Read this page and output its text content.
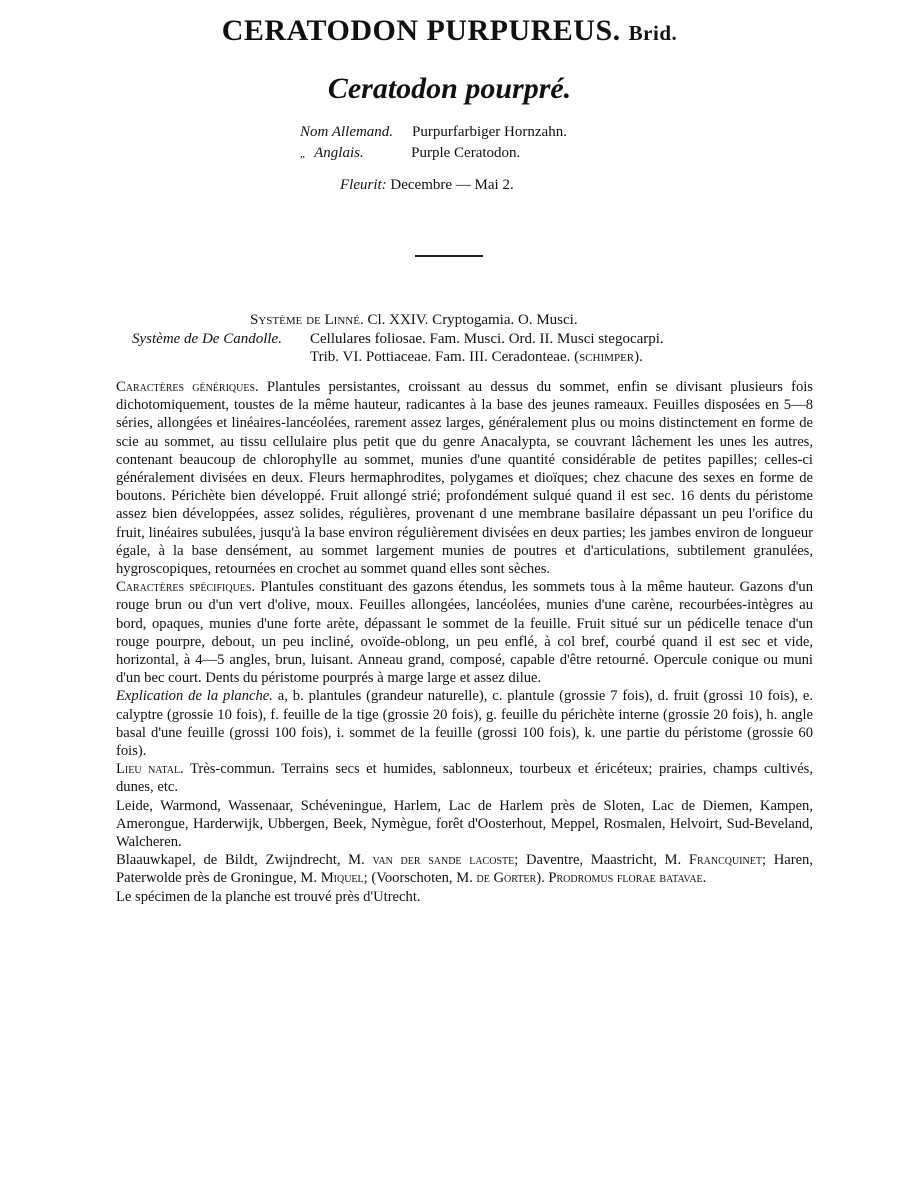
CERATODON PURPUREUS. Brid.
Ceratodon pourpré.
Nom Allemand. Purpurfarbiger Hornzahn.
„ Anglais.	Purple Ceratodon.
Fleurit: Decembre — Mai 2.
Système de Linné. Cl. XXIV. Cryptogamia. O. Musci.
Système de De Candolle. Cellulares foliosae. Fam. Musci. Ord. II. Musci stegocarpi.
Trib. VI. Pottiaceae. Fam. III. Ceradonteae. (schimper).

Caractères génériques. Plantules persistantes, croissant au dessus du sommet, enfin se divisant plusieurs fois dichotomiquement, toustes de la même hauteur, radicantes à la base des jeunes rameaux. Feuilles disposées en 5—8 séries, allongées et linéaires-lancéolées, rarement assez larges, généralement plus ou moins distinctement en forme de scie au sommet, au tissu cellulaire plus petit que du genre Anacalypta, se couvrant lâchement les unes les autres, contenant beaucoup de chlorophylle au sommet, munies d'une quantité considérable de petites papilles; celles-ci généralement divisées en deux. Fleurs hermaphrodites, polygames et dioïques; chez chacune des sexes en forme de boutons. Périchète bien développé. Fruit allongé strié; profondément sulqué quand il est sec. 16 dents du péristome assez bien développées, assez solides, régulières, provenant d une membrane basilaire dépassant un peu l'orifice du fruit, linéaires subulées, jusqu'à la base environ régulièrement divisées en deux parties; les jambes environ de longueur égale, à la base densément, au sommet largement munies de poutres et d'articulations, subtilement granulées, hygroscopiques, retournées en crochet au sommet quand elles sont sèches.

Caractères spécifiques. Plantules constituant des gazons étendus, les sommets tous à la même hauteur. Gazons d'un rouge brun ou d'un vert d'olive, moux. Feuilles allongées, lancéolées, munies d'une carène, recourbées-intègres au bord, opaques, munies d'une forte arète, dépassant le sommet de la feuille. Fruit situé sur un pédicelle tenace d'un rouge pourpre, debout, un peu incliné, ovoïde-oblong, un peu enflé, à col bref, courbé quand il est sec et vide, horizontal, à 4—5 angles, brun, luisant. Anneau grand, composé, capable d'être retourné. Opercule conique ou muni d'un bec court. Dents du péristome pourprés à marge large et assez dilue.

Explication de la planche. a, b. plantules (grandeur naturelle), c. plantule (grossie 7 fois), d. fruit (grossi 10 fois), e. calyptre (grossie 10 fois), f. feuille de la tige (grossie 20 fois), g. feuille du périchète interne (grossie 20 fois), h. angle basal d'une feuille (grossi 100 fois), i. sommet de la feuille (grossi 100 fois), k. une partie du péristome (grossie 60 fois).

Lieu natal. Très-commun. Terrains secs et humides, sablonneux, tourbeux et éricéteux; prairies, champs cultivés, dunes, etc.

Leide, Warmond, Wassenaar, Schéveningue, Harlem, Lac de Harlem près de Sloten, Lac de Diemen, Kampen, Amerongue, Harderwijk, Ubbergen, Beek, Nymègue, forêt d'Oosterhout, Meppel, Rosmalen, Helvoirt, Sud-Beveland, Walcheren.

Blaauwkapel, de Bildt, Zwijndrecht, M. van der sande lacoste; Daventre, Maastricht, M. Francquinet; Haren, Paterwolde près de Groningue, M. Miquel; (Voorschoten, M. de Gorter). Prodromus florae batavae.

Le spécimen de la planche est trouvé près d'Utrecht.
